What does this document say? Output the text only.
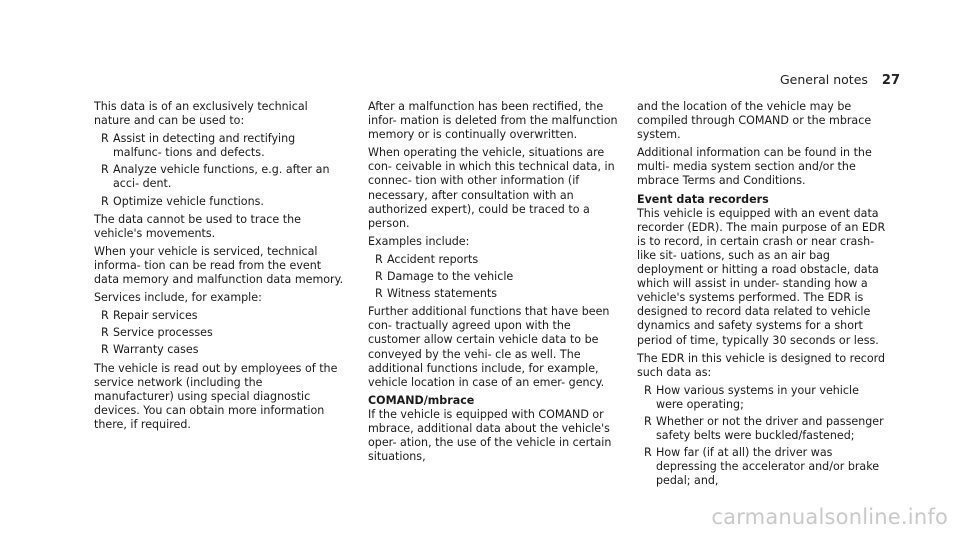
General notes 27

This data is of an exclusively technical nature and can be used to:

R Assist in detecting and rectifying malfunc- tions and defects.
R Analyze vehicle functions, e.g. after an acci- dent.
R Optimize vehicle functions.

The data cannot be used to trace the vehicle's movements.

When your vehicle is serviced, technical informa- tion can be read from the event data memory and malfunction data memory.

Services include, for example:

R Repair services
R Service processes
R Warranty cases

The vehicle is read out by employees of the service network (including the manufacturer) using special diagnostic devices. You can obtain more information there, if required.

After a malfunction has been rectified, the infor- mation is deleted from the malfunction memory or is continually overwritten.

When operating the vehicle, situations are con- ceivable in which this technical data, in connec- tion with other information (if necessary, after consultation with an authorized expert), could be traced to a person.

Examples include:

R Accident reports
R Damage to the vehicle
R Witness statements

Further additional functions that have been con- tractually agreed upon with the customer allow certain vehicle data to be conveyed by the vehi- cle as well. The additional functions include, for example, vehicle location in case of an emer- gency.

COMAND/mbrace

If the vehicle is equipped with COMAND or mbrace, additional data about the vehicle's oper- ation, the use of the vehicle in certain situations,

and the location of the vehicle may be compiled through COMAND or the mbrace system.

Additional information can be found in the multi- media system section and/or the mbrace Terms and Conditions.

Event data recorders

This vehicle is equipped with an event data recorder (EDR). The main purpose of an EDR is to record, in certain crash or near crash-like sit- uations, such as an air bag deployment or hitting a road obstacle, data which will assist in under- standing how a vehicle's systems performed. The EDR is designed to record data related to vehicle dynamics and safety systems for a short period of time, typically 30 seconds or less.

The EDR in this vehicle is designed to record such data as:

R How various systems in your vehicle were operating;
R Whether or not the driver and passenger safety belts were buckled/fastened;
R How far (if at all) the driver was depressing the accelerator and/or brake pedal; and,
carmanualsonline.info
